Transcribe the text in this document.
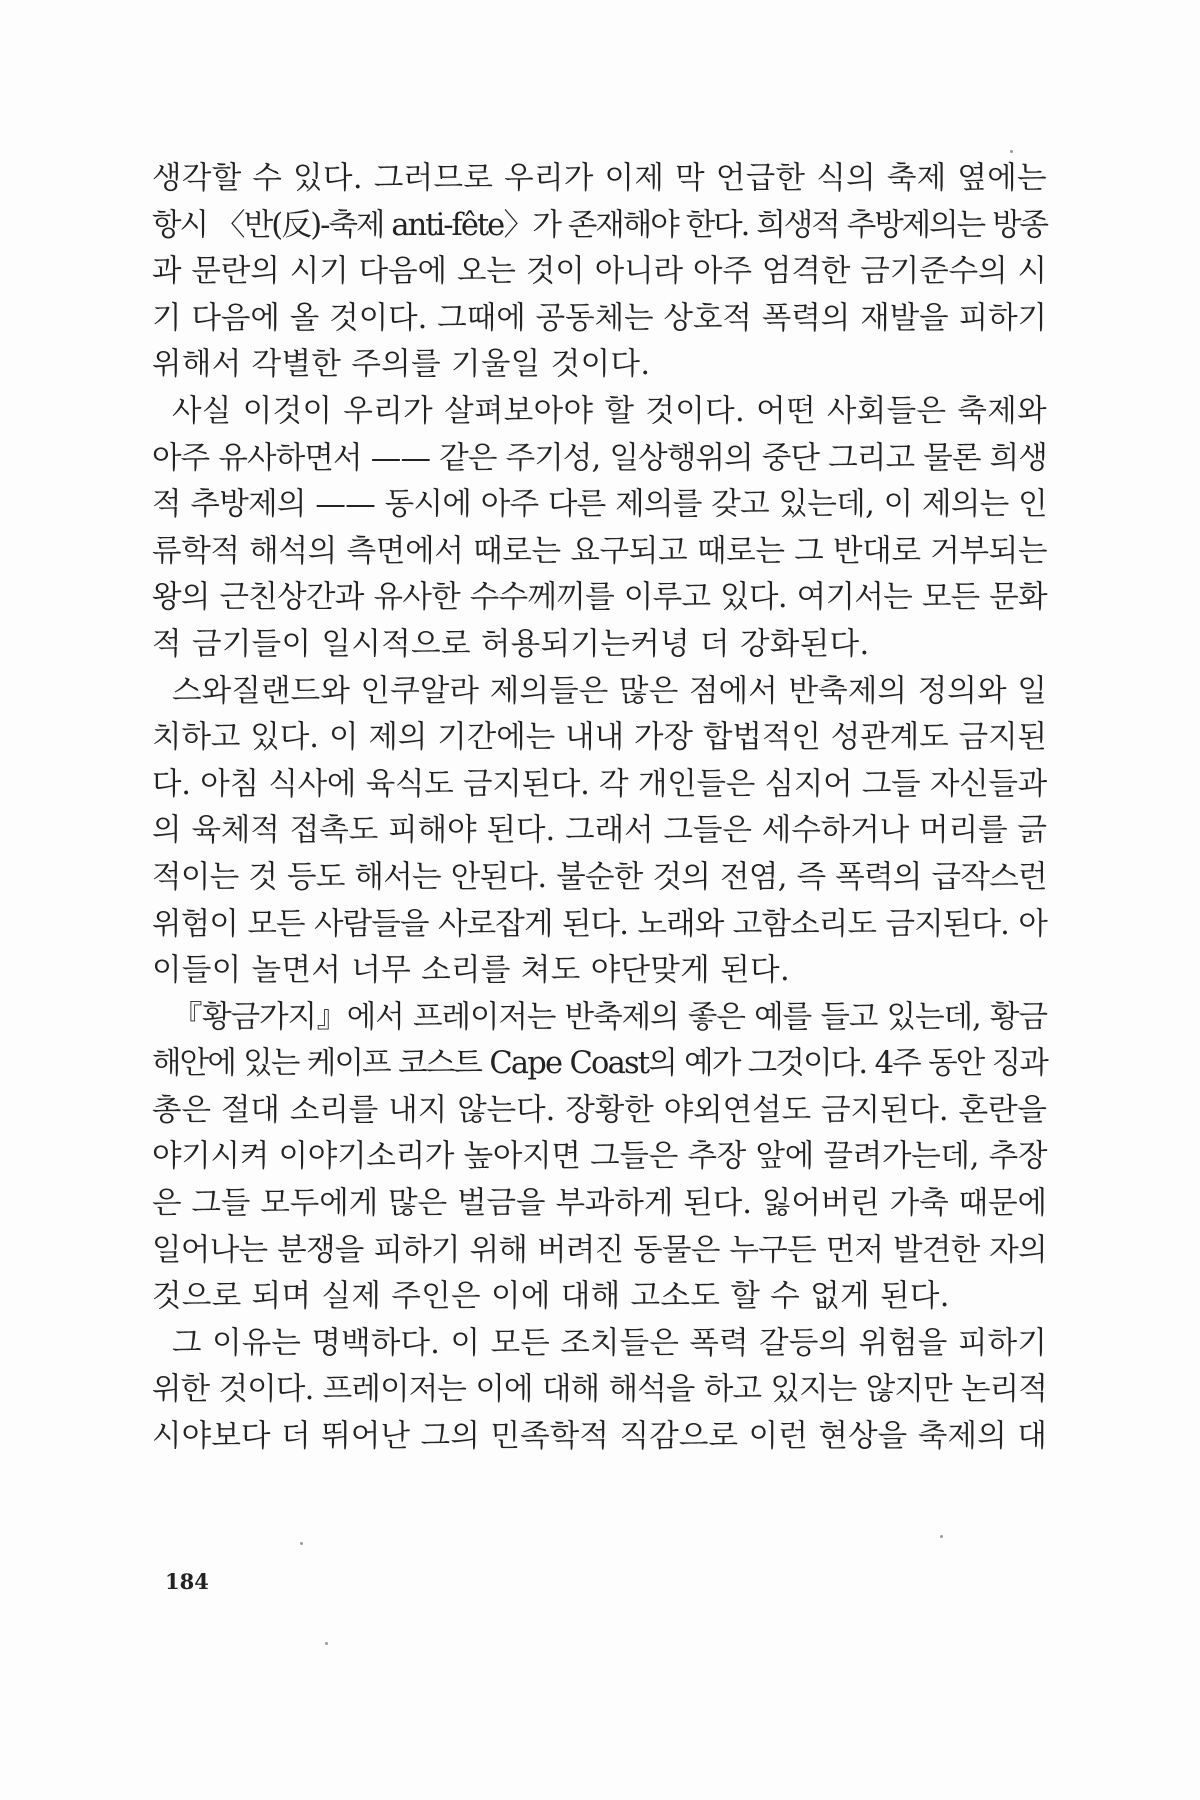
생각할 수 있다. 그러므로 우리가 이제 막 언급한 식의 축제 옆에는
항시 〈반(反)-축제 anti-fête〉가 존재해야 한다. 희생적 추방제의는 방종
과 문란의 시기 다음에 오는 것이 아니라 아주 엄격한 금기준수의 시
기 다음에 올 것이다. 그때에 공동체는 상호적 폭력의 재발을 피하기
위해서 각별한 주의를 기울일 것이다.
사실 이것이 우리가 살펴보아야 할 것이다. 어떤 사회들은 축제와
아주 유사하면서 —— 같은 주기성, 일상행위의 중단 그리고 물론 희생
적 추방제의 —— 동시에 아주 다른 제의를 갖고 있는데, 이 제의는 인
류학적 해석의 측면에서 때로는 요구되고 때로는 그 반대로 거부되는
왕의 근친상간과 유사한 수수께끼를 이루고 있다. 여기서는 모든 문화
적 금기들이 일시적으로 허용되기는커녕 더 강화된다.
스와질랜드와 인쿠알라 제의들은 많은 점에서 반축제의 정의와 일
치하고 있다. 이 제의 기간에는 내내 가장 합법적인 성관계도 금지된
다. 아침 식사에 육식도 금지된다. 각 개인들은 심지어 그들 자신들과
의 육체적 접촉도 피해야 된다. 그래서 그들은 세수하거나 머리를 긁
적이는 것 등도 해서는 안된다. 불순한 것의 전염, 즉 폭력의 급작스런
위험이 모든 사람들을 사로잡게 된다. 노래와 고함소리도 금지된다. 아
이들이 놀면서 너무 소리를 쳐도 야단맞게 된다.
『황금가지』에서 프레이저는 반축제의 좋은 예를 들고 있는데, 황금
해안에 있는 케이프 코스트 Cape Coast의 예가 그것이다. 4주 동안 징과
총은 절대 소리를 내지 않는다. 장황한 야외연설도 금지된다. 혼란을
야기시켜 이야기소리가 높아지면 그들은 추장 앞에 끌려가는데, 추장
은 그들 모두에게 많은 벌금을 부과하게 된다. 잃어버린 가축 때문에
일어나는 분쟁을 피하기 위해 버려진 동물은 누구든 먼저 발견한 자의
것으로 되며 실제 주인은 이에 대해 고소도 할 수 없게 된다.
그 이유는 명백하다. 이 모든 조치들은 폭력 갈등의 위험을 피하기
위한 것이다. 프레이저는 이에 대해 해석을 하고 있지는 않지만 논리적
시야보다 더 뛰어난 그의 민족학적 직감으로 이런 현상을 축제의 대
184
